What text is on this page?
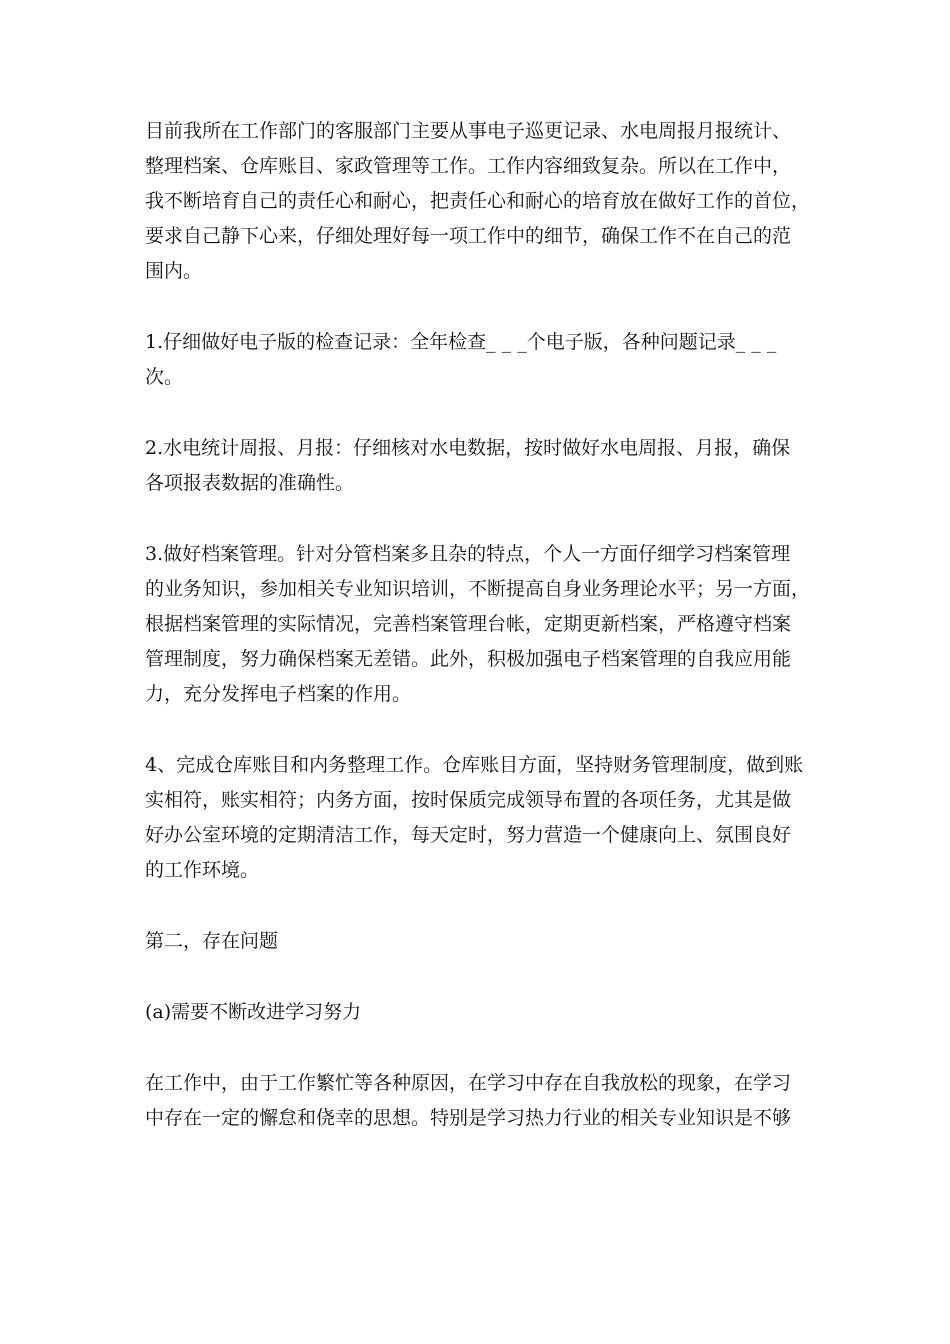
目前我所在工作部门的客服部门主要从事电子巡更记录、水电周报月报统计、
整理档案、仓库账目、家政管理等工作。工作内容细致复杂。所以在工作中，
我不断培育自己的责任心和耐心，把责任心和耐心的培育放在做好工作的首位，
要求自己静下心来，仔细处理好每一项工作中的细节，确保工作不在自己的范
围内。

1.仔细做好电子版的检查记录：全年检查_ _ _个电子版，各种问题记录_ _ _
次。

2.水电统计周报、月报：仔细核对水电数据，按时做好水电周报、月报，确保
各项报表数据的准确性。

3.做好档案管理。针对分管档案多且杂的特点，个人一方面仔细学习档案管理
的业务知识，参加相关专业知识培训，不断提高自身业务理论水平；另一方面，
根据档案管理的实际情况，完善档案管理台帐，定期更新档案，严格遵守档案
管理制度，努力确保档案无差错。此外，积极加强电子档案管理的自我应用能
力，充分发挥电子档案的作用。

4、完成仓库账目和内务整理工作。仓库账目方面，坚持财务管理制度，做到账
实相符，账实相符；内务方面，按时保质完成领导布置的各项任务，尤其是做
好办公室环境的定期清洁工作，每天定时，努力营造一个健康向上、氛围良好
的工作环境。

第二，存在问题

(a)需要不断改进学习努力

在工作中，由于工作繁忙等各种原因，在学习中存在自我放松的现象，在学习
中存在一定的懈怠和侥幸的思想。特别是学习热力行业的相关专业知识是不够
